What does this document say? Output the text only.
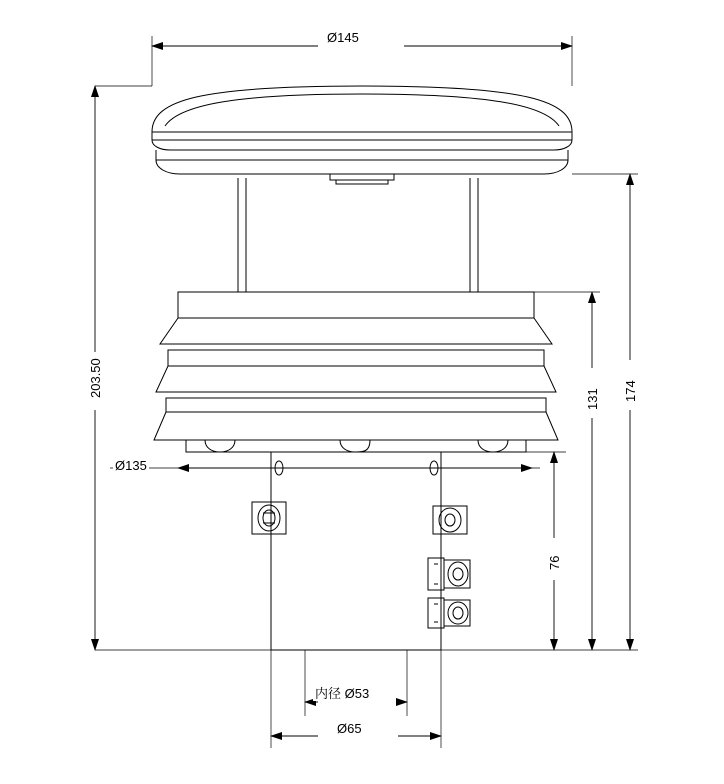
Ø145
203.50	174
131
76
Ø135
内径 Ø53
Ø65
